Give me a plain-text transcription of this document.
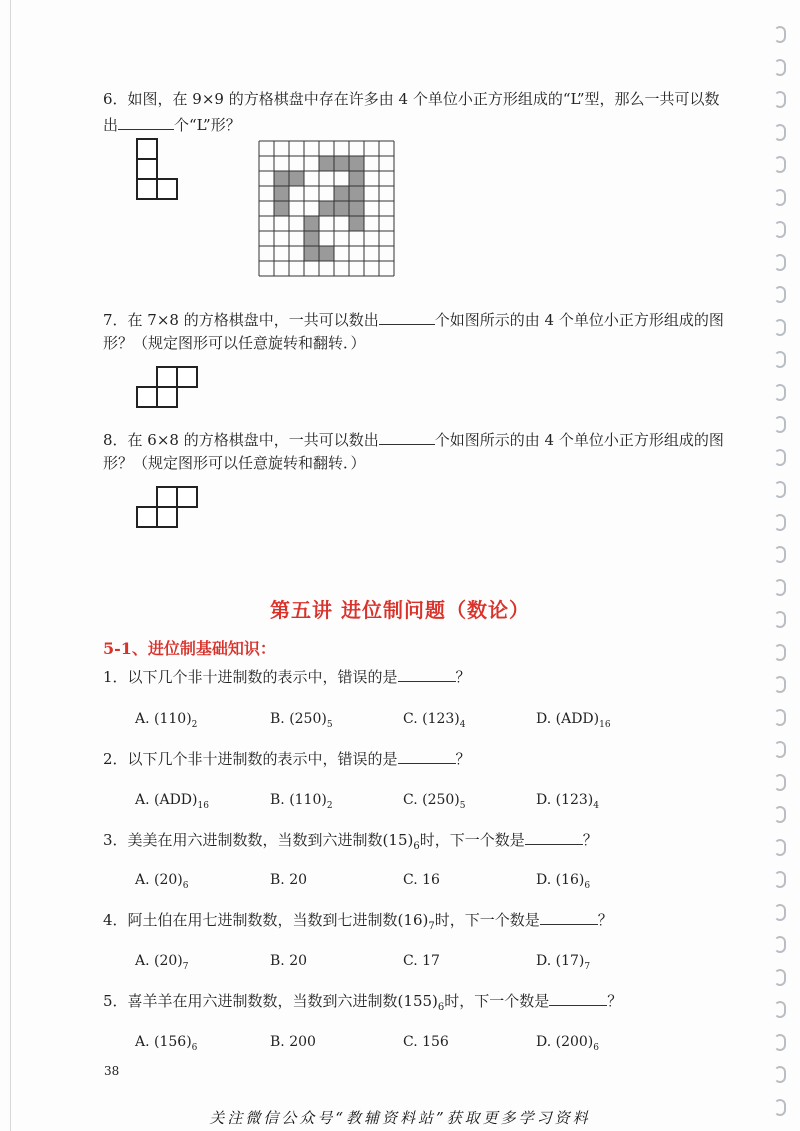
6．如图，在 9×9 的方格棋盘中存在许多由 4 个单位小正方形组成的“L”型，那么一共可以数
出	个“L”形？
7．在 7×8 的方格棋盘中，一共可以数出	个如图所示的由 4 个单位小正方形组成的图
形？（规定图形可以任意旋转和翻转．）
8．在 6×8 的方格棋盘中，一共可以数出	个如图所示的由 4 个单位小正方形组成的图
形？（规定图形可以任意旋转和翻转．）
第五讲 进位制问题（数论）
5-1、进位制基础知识：
1．以下几个非十进制数的表示中，错误的是	？
A. $(110)_2$	B. $(250)_5$	C. $(123)_4$	D. $(ADD)_{16}$
2．以下几个非十进制数的表示中，错误的是	？
A. $(ADD)_{16}$	B. $(110)_2$	C. $(250)_5$	D. $(123)_4$
3．美美在用六进制数数，当数到六进制数$(15)_6$时，下一个数是	？
A. $(20)_6$	B. 20	C. 16	D. $(16)_6$
4．阿土伯在用七进制数数，当数到七进制数$(16)_7$时，下一个数是	？
A. $(20)_7$	B. 20	C. 17	D. $(17)_7$
5．喜羊羊在用六进制数数，当数到六进制数$(155)_6$时，下一个数是	？
A. $(156)_6$	B. 200	C. 156	D. $(200)_6$
38
关注微信公众号“教辅资料站”获取更多学习资料
